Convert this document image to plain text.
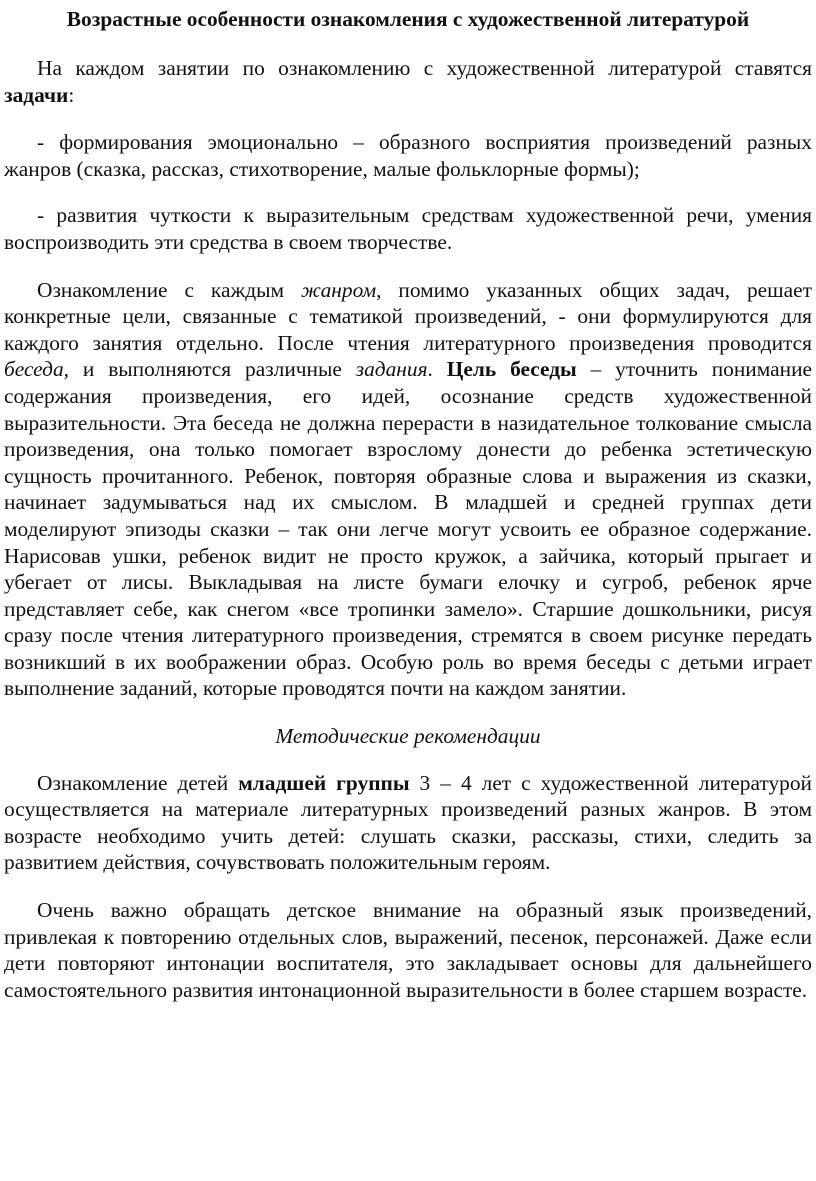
Возрастные особенности ознакомления с художественной литературой

На каждом занятии по ознакомлению с художественной литературой ставятся задачи:

- формирования эмоционально – образного восприятия произведений разных жанров (сказка, рассказ, стихотворение, малые фольклорные формы);

- развития чуткости к выразительным средствам художественной речи, умения воспроизводить эти средства в своем творчестве.

Ознакомление с каждым жанром, помимо указанных общих задач, решает конкретные цели, связанные с тематикой произведений, - они формулируются для каждого занятия отдельно. После чтения литературного произведения проводится беседа, и выполняются различные задания. Цель беседы – уточнить понимание содержания произведения, его идей, осознание средств художественной выразительности. Эта беседа не должна перерасти в назидательное толкование смысла произведения, она только помогает взрослому донести до ребенка эстетическую сущность прочитанного. Ребенок, повторяя образные слова и выражения из сказки, начинает задумываться над их смыслом. В младшей и средней группах дети моделируют эпизоды сказки – так они легче могут усвоить ее образное содержание. Нарисовав ушки, ребенок видит не просто кружок, а зайчика, который прыгает и убегает от лисы. Выкладывая на листе бумаги елочку и сугроб, ребенок ярче представляет себе, как снегом «все тропинки замело». Старшие дошкольники, рисуя сразу после чтения литературного произведения, стремятся в своем рисунке передать возникший в их воображении образ. Особую роль во время беседы с детьми играет выполнение заданий, которые проводятся почти на каждом занятии.

Методические рекомендации

Ознакомление детей младшей группы 3 – 4 лет с художественной литературой осуществляется на материале литературных произведений разных жанров. В этом возрасте необходимо учить детей: слушать сказки, рассказы, стихи, следить за развитием действия, сочувствовать положительным героям.

Очень важно обращать детское внимание на образный язык произведений, привлекая к повторению отдельных слов, выражений, песенок, персонажей. Даже если дети повторяют интонации воспитателя, это закладывает основы для дальнейшего самостоятельного развития интонационной выразительности в более старшем возрасте.
